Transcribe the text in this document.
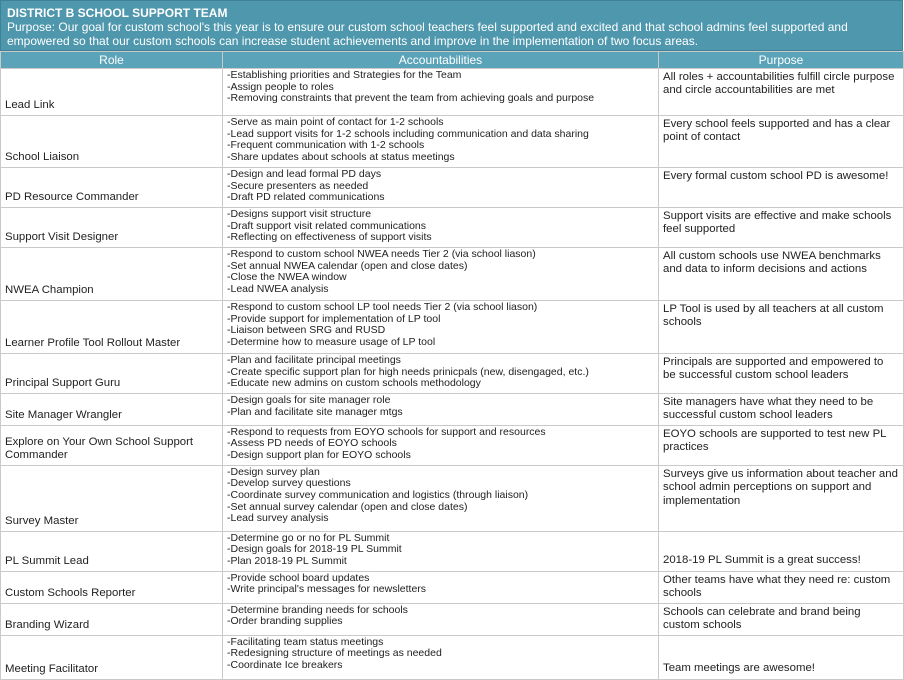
DISTRICT B SCHOOL SUPPORT TEAM
Purpose: Our goal for custom school's this year is to ensure our custom school teachers feel supported and excited and that school admins feel supported and empowered so that our custom schools can increase student achievements and improve in the implementation of two focus areas.
Role	Accountabilities	Purpose
Lead Link	-Establishing priorities and Strategies for the Team
-Assign people to roles
-Removing constraints that prevent the team from achieving goals and purpose	All roles + accountabilities fulfill circle purpose and circle accountabilities are met
School Liaison	-Serve as main point of contact for 1-2 schools
-Lead support visits for 1-2 schools including communication and data sharing
-Frequent communication with 1-2 schools
-Share updates about schools at status meetings	Every school feels supported and has a clear point of contact
PD Resource Commander	-Design and lead formal PD days
-Secure presenters as needed
-Draft PD related communications	Every formal custom school PD is awesome!
Support Visit Designer	-Designs support visit structure
-Draft support visit related communications
-Reflecting on effectiveness of support visits	Support visits are effective and make schools feel supported
NWEA Champion	-Respond to custom school NWEA needs Tier 2 (via school liason)
-Set annual NWEA calendar (open and close dates)
-Close the NWEA window
-Lead NWEA analysis	All custom schools use NWEA benchmarks and data to inform decisions and actions
Learner Profile Tool Rollout Master	-Respond to custom school LP tool needs Tier 2 (via school liason)
-Provide support for implementation of LP tool
-Liaison between SRG and RUSD
-Determine how to measure usage of LP tool	LP Tool is used by all teachers at all custom schools
Principal Support Guru	-Plan and facilitate principal meetings
-Create specific support plan for high needs prinicpals (new, disengaged, etc.)
-Educate new admins on custom schools methodology	Principals are supported and empowered to be successful custom school leaders
Site Manager Wrangler	-Design goals for site manager role
-Plan and facilitate site manager mtgs	Site managers have what they need to be successful custom school leaders
Explore on Your Own School Support Commander	-Respond to requests from EOYO schools for support and resources
-Assess PD needs of EOYO schools
-Design support plan for EOYO schools	EOYO schools are supported to test new PL practices
Survey Master	-Design survey plan
-Develop survey questions
-Coordinate survey communication and logistics (through liaison)
-Set annual survey calendar (open and close dates)
-Lead survey analysis	Surveys give us information about teacher and school admin perceptions on support and implementation
PL Summit Lead	-Determine go or no for PL Summit
-Design goals for 2018-19 PL Summit
-Plan 2018-19 PL Summit	2018-19 PL Summit is a great success!
Custom Schools Reporter	-Provide school board updates
-Write principal's messages for newsletters	Other teams have what they need re: custom schools
Branding Wizard	-Determine branding needs for schools
-Order branding supplies	Schools can celebrate and brand being custom schools
Meeting Facilitator	-Facilitating team status meetings
-Redesigning structure of meetings as needed
-Coordinate Ice breakers	Team meetings are awesome!
